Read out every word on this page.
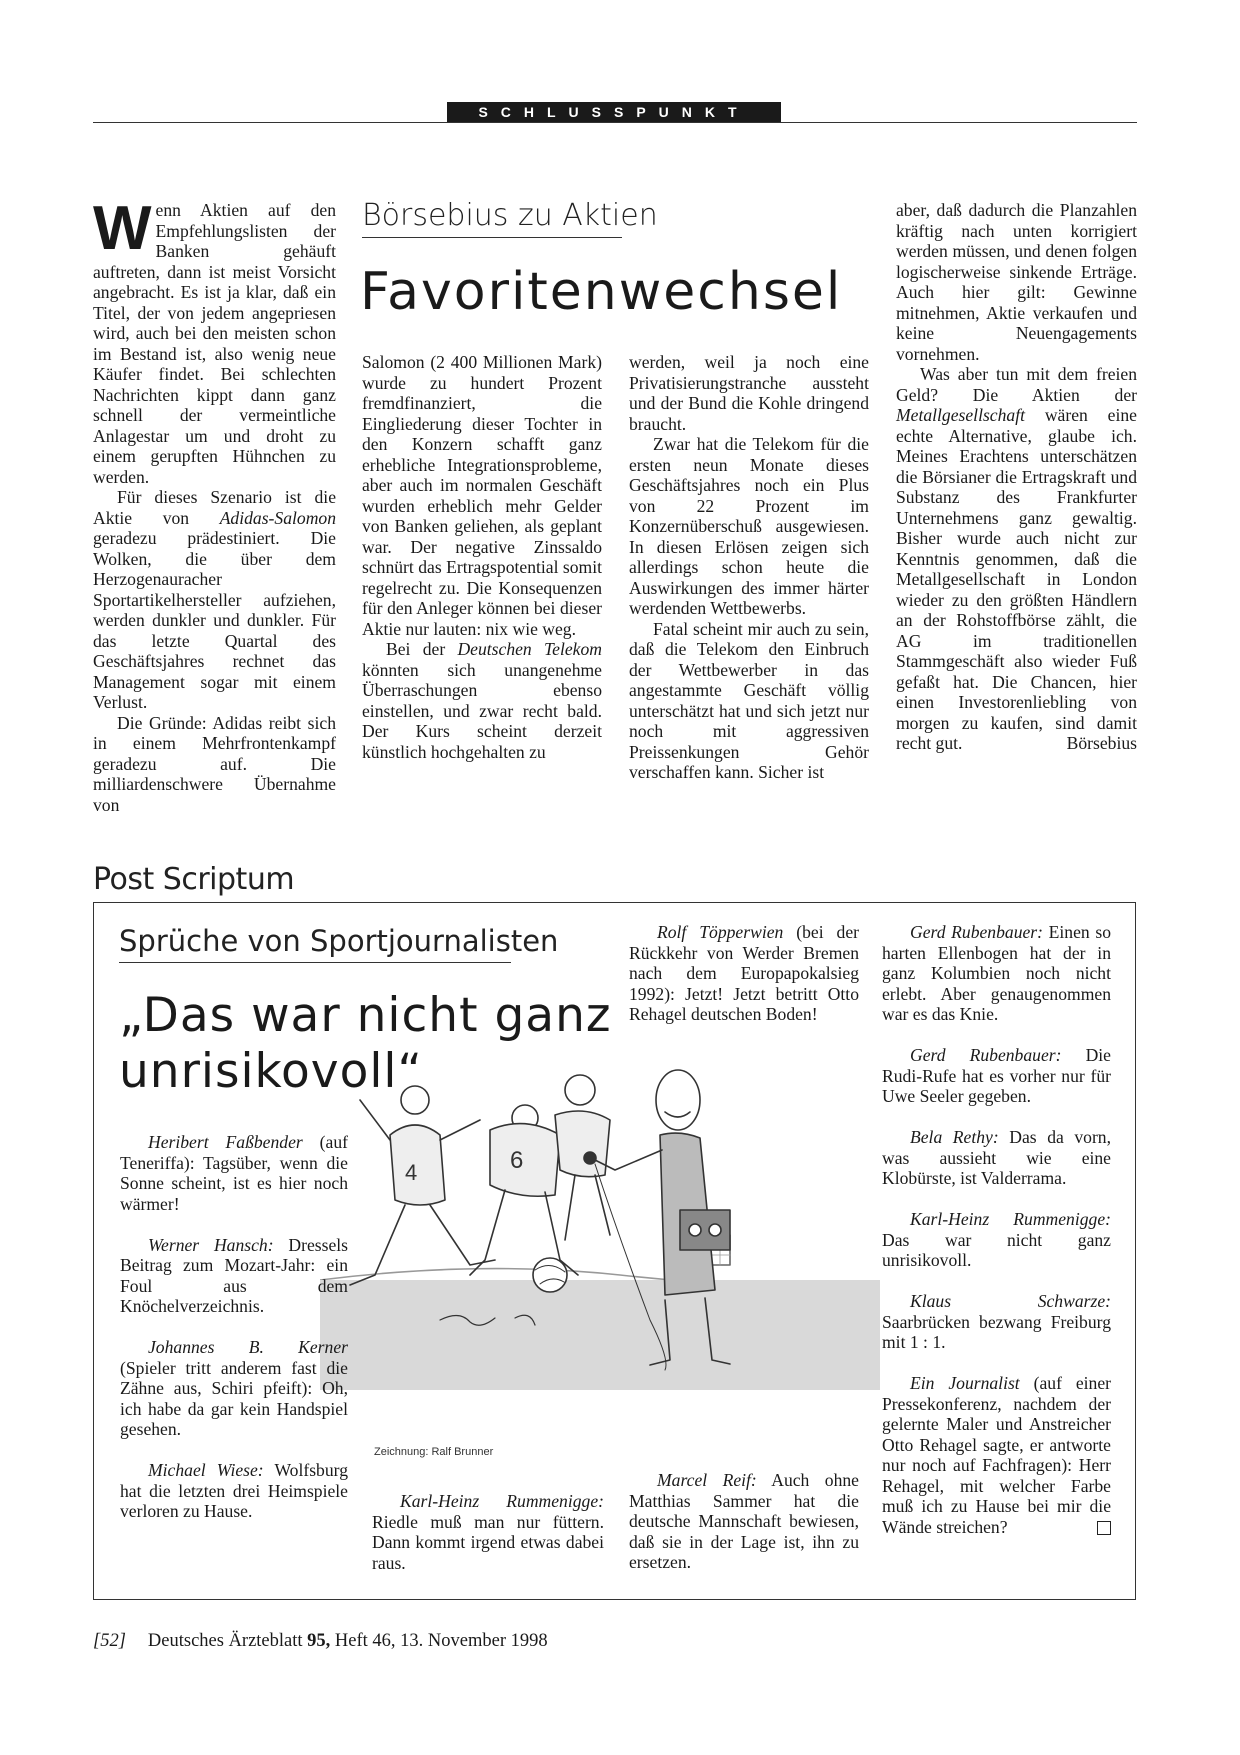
SCHLUSSPUNKT
Börsebius zu Aktien
Favoritenwechsel

Wenn Aktien auf den Empfehlungslisten der Banken gehäuft auftreten, dann ist meist Vorsicht angebracht. Es ist ja klar, daß ein Titel, der von jedem angepriesen wird, auch bei den meisten schon im Bestand ist, also wenig neue Käufer findet. Bei schlechten Nachrichten kippt dann ganz schnell der vermeintliche Anlagestar um und droht zu einem gerupften Hühnchen zu werden.

Für dieses Szenario ist die Aktie von Adidas-Salomon geradezu prädestiniert. Die Wolken, die über dem Herzogenauracher Sportartikelhersteller aufziehen, werden dunkler und dunkler. Für das letzte Quartal des Geschäftsjahres rechnet das Management sogar mit einem Verlust.

Die Gründe: Adidas reibt sich in einem Mehrfrontenkampf geradezu auf. Die milliardenschwere Übernahme von

Salomon (2 400 Millionen Mark) wurde zu hundert Prozent fremdfinanziert, die Eingliederung dieser Tochter in den Konzern schafft ganz erhebliche Integrationsprobleme, aber auch im normalen Geschäft wurden erheblich mehr Gelder von Banken geliehen, als geplant war. Der negative Zinssaldo schnürt das Ertragspotential somit regelrecht zu. Die Konsequenzen für den Anleger können bei dieser Aktie nur lauten: nix wie weg.

Bei der Deutschen Telekom könnten sich unangenehme Überraschungen ebenso einstellen, und zwar recht bald. Der Kurs scheint derzeit künstlich hochgehalten zu

werden, weil ja noch eine Privatisierungstranche aussteht und der Bund die Kohle dringend braucht.

Zwar hat die Telekom für die ersten neun Monate dieses Geschäftsjahres noch ein Plus von 22 Prozent im Konzernüberschuß ausgewiesen. In diesen Erlösen zeigen sich allerdings schon heute die Auswirkungen des immer härter werdenden Wettbewerbs.

Fatal scheint mir auch zu sein, daß die Telekom den Einbruch der Wettbewerber in das angestammte Geschäft völlig unterschätzt hat und sich jetzt nur noch mit aggressiven Preissenkungen Gehör verschaffen kann. Sicher ist

aber, daß dadurch die Planzahlen kräftig nach unten korrigiert werden müssen, und denen folgen logischerweise sinkende Erträge. Auch hier gilt: Gewinne mitnehmen, Aktie verkaufen und keine Neuengagements vornehmen.

Was aber tun mit dem freien Geld? Die Aktien der Metallgesellschaft wären eine echte Alternative, glaube ich. Meines Erachtens unterschätzen die Börsianer die Ertragskraft und Substanz des Frankfurter Unternehmens ganz gewaltig. Bisher wurde auch nicht zur Kenntnis genommen, daß die Metallgesellschaft in London wieder zu den größten Händlern an der Rohstoffbörse zählt, die AG im traditionellen Stammgeschäft also wieder Fuß gefaßt hat. Die Chancen, hier einen Investorenliebling von morgen zu kaufen, sind damit recht gut.	Börsebius

Post Scriptum
Sprüche von Sportjournalisten
„Das war nicht ganz unrisikovoll“
4	6
Zeichnung: Ralf Brunner

Heribert Faßbender (auf Teneriffa): Tagsüber, wenn die Sonne scheint, ist es hier noch wärmer!

Werner Hansch: Dressels Beitrag zum Mozart-Jahr: ein Foul aus dem Knöchelverzeichnis.

Johannes B. Kerner (Spieler tritt anderem fast die Zähne aus, Schiri pfeift): Oh, ich habe da gar kein Handspiel gesehen.

Michael Wiese: Wolfsburg hat die letzten drei Heimspiele verloren zu Hause.	Karl-Heinz Rummenigge: Riedle muß man nur füttern. Dann kommt irgend etwas dabei raus.

Rolf Töpperwien (bei der Rückkehr von Werder Bremen nach dem Europapokalsieg 1992): Jetzt! Jetzt betritt Otto Rehagel deutschen Boden!

Marcel Reif: Auch ohne Matthias Sammer hat die deutsche Mannschaft bewiesen, daß sie in der Lage ist, ihn zu ersetzen.

Gerd Rubenbauer: Einen so harten Ellenbogen hat der in ganz Kolumbien noch nicht erlebt. Aber genaugenommen war es das Knie.

Gerd Rubenbauer: Die Rudi-Rufe hat es vorher nur für Uwe Seeler gegeben.

Bela Rethy: Das da vorn, was aussieht wie eine Klobürste, ist Valderrama.

Karl-Heinz Rummenigge: Das war nicht ganz unrisikovoll.

Klaus Schwarze: Saarbrücken bezwang Freiburg mit 1 : 1.

Ein Journalist (auf einer Pressekonferenz, nachdem der gelernte Maler und Anstreicher Otto Rehagel sagte, er antworte nur noch auf Fachfragen): Herr Rehagel, mit welcher Farbe muß ich zu Hause bei mir die Wände streichen?

[52] Deutsches Ärzteblatt 95, Heft 46, 13. November 1998
